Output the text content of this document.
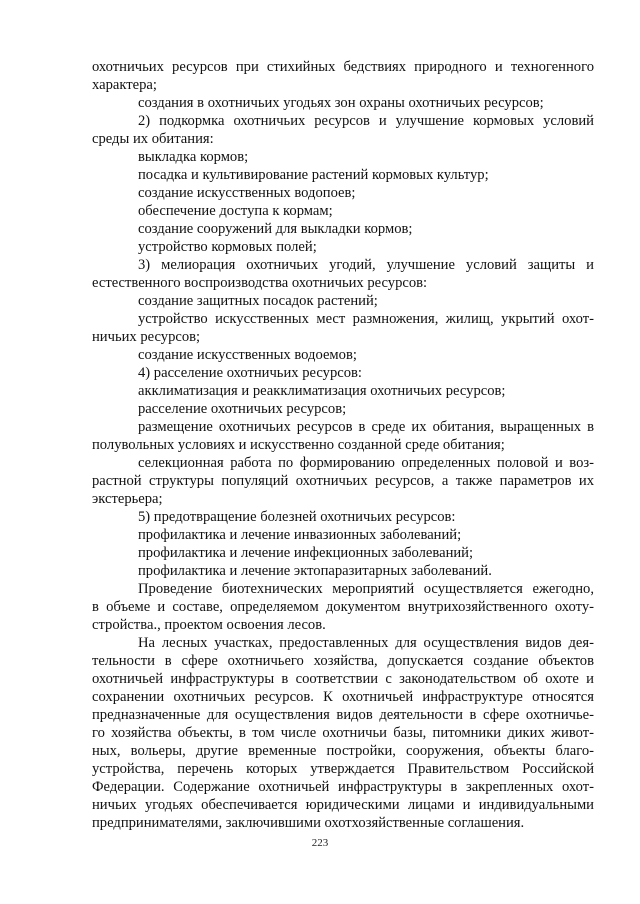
охотничьих ресурсов при стихийных бедствиях природного и техногенного
характера;
создания в охотничьих угодьях зон охраны охотничьих ресурсов;
2) подкормка охотничьих ресурсов и улучшение кормовых условий
среды их обитания:
выкладка кормов;
посадка и культивирование растений кормовых культур;
создание искусственных водопоев;
обеспечение доступа к кормам;
создание сооружений для выкладки кормов;
устройство кормовых полей;
3) мелиорация охотничьих угодий, улучшение условий защиты и
естественного воспроизводства охотничьих ресурсов:
создание защитных посадок растений;
устройство искусственных мест размножения, жилищ, укрытий охот-
ничьих ресурсов;
создание искусственных водоемов;
4) расселение охотничьих ресурсов:
акклиматизация и реакклиматизация охотничьих ресурсов;
расселение охотничьих ресурсов;
размещение охотничьих ресурсов в среде их обитания, выращенных в
полувольных условиях и искусственно созданной среде обитания;
селекционная работа по формированию определенных половой и воз-
растной структуры популяций охотничьих ресурсов, а также параметров их
экстерьера;
5) предотвращение болезней охотничьих ресурсов:
профилактика и лечение инвазионных заболеваний;
профилактика и лечение инфекционных заболеваний;
профилактика и лечение эктопаразитарных заболеваний.
Проведение биотехнических мероприятий осуществляется ежегодно,
в объеме и составе, определяемом документом внутрихозяйственного охоту-
стройства., проектом освоения лесов.
На лесных участках, предоставленных для осуществления видов дея-
тельности в сфере охотничьего хозяйства, допускается создание объектов
охотничьей инфраструктуры в соответствии с законодательством об охоте и
сохранении охотничьих ресурсов. К охотничьей инфраструктуре относятся
предназначенные для осуществления видов деятельности в сфере охотничье-
го хозяйства объекты, в том числе охотничьи базы, питомники диких живот-
ных, вольеры, другие временные постройки, сооружения, объекты благо-
устройства, перечень которых утверждается Правительством Российской
Федерации. Содержание охотничьей инфраструктуры в закрепленных охот-
ничьих угодьях обеспечивается юридическими лицами и индивидуальными
предпринимателями, заключившими охотхозяйственные соглашения.
223
